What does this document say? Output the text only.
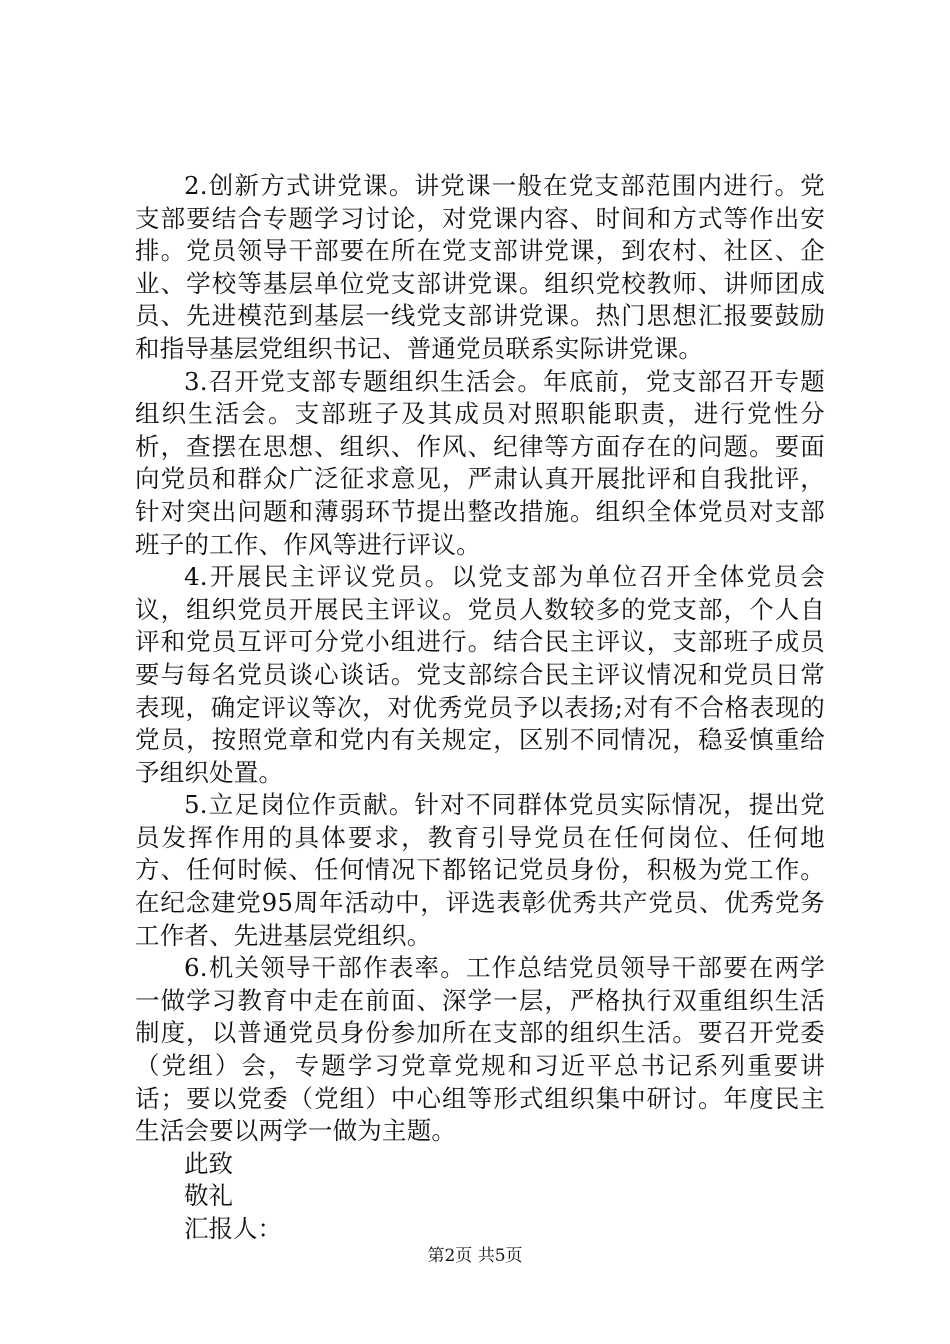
2.创新方式讲党课。讲党课一般在党支部范围内进行。党支部要结合专题学习讨论，对党课内容、时间和方式等作出安排。党员领导干部要在所在党支部讲党课，到农村、社区、企业、学校等基层单位党支部讲党课。组织党校教师、讲师团成员、先进模范到基层一线党支部讲党课。热门思想汇报要鼓励和指导基层党组织书记、普通党员联系实际讲党课。

3.召开党支部专题组织生活会。年底前，党支部召开专题组织生活会。支部班子及其成员对照职能职责，进行党性分析，查摆在思想、组织、作风、纪律等方面存在的问题。要面向党员和群众广泛征求意见，严肃认真开展批评和自我批评，针对突出问题和薄弱环节提出整改措施。组织全体党员对支部班子的工作、作风等进行评议。

4.开展民主评议党员。以党支部为单位召开全体党员会议，组织党员开展民主评议。党员人数较多的党支部，个人自评和党员互评可分党小组进行。结合民主评议，支部班子成员要与每名党员谈心谈话。党支部综合民主评议情况和党员日常表现，确定评议等次，对优秀党员予以表扬;对有不合格表现的党员，按照党章和党内有关规定，区别不同情况，稳妥慎重给予组织处置。

5.立足岗位作贡献。针对不同群体党员实际情况，提出党员发挥作用的具体要求，教育引导党员在任何岗位、任何地方、任何时候、任何情况下都铭记党员身份，积极为党工作。在纪念建党95周年活动中，评选表彰优秀共产党员、优秀党务工作者、先进基层党组织。

6.机关领导干部作表率。工作总结党员领导干部要在两学一做学习教育中走在前面、深学一层，严格执行双重组织生活制度，以普通党员身份参加所在支部的组织生活。要召开党委（党组）会，专题学习党章党规和习近平总书记系列重要讲话；要以党委（党组）中心组等形式组织集中研讨。年度民主生活会要以两学一做为主题。

此致

敬礼

汇报人：

第2页 共5页
